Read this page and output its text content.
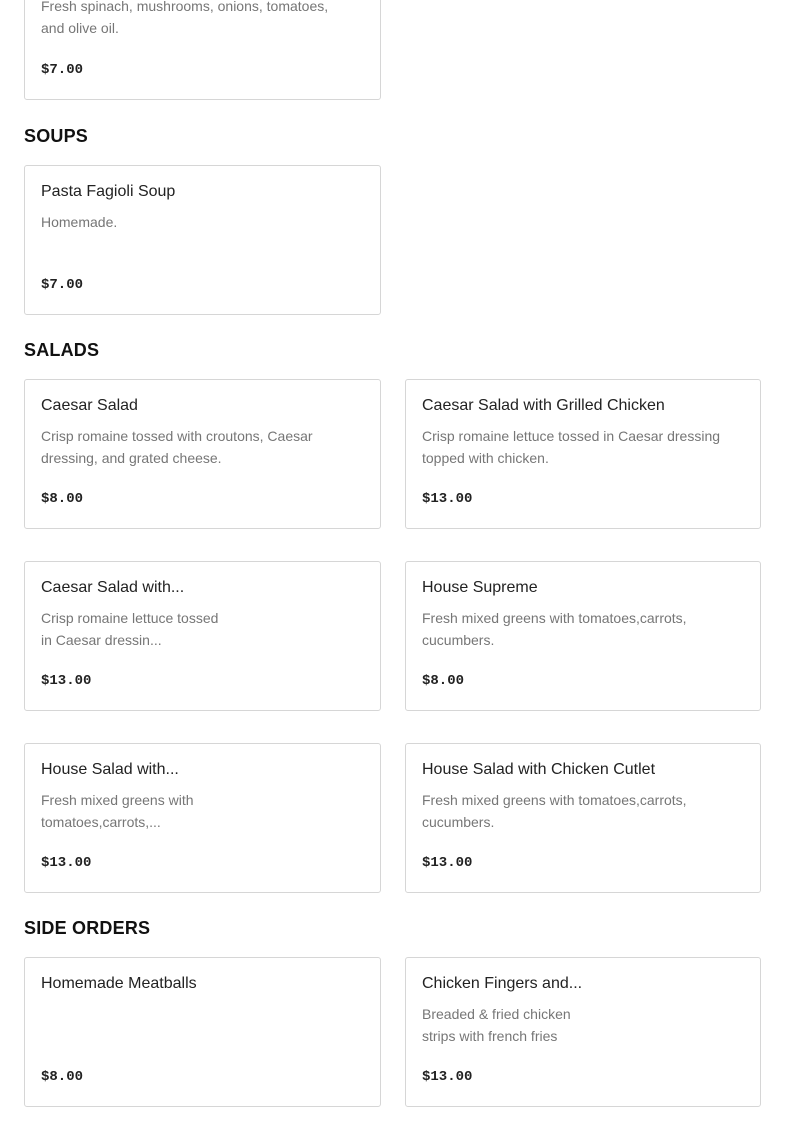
Fresh spinach, mushrooms, onions, tomatoes, and olive oil.
$7.00
SOUPS
Pasta Fagioli Soup
Homemade.
$7.00
SALADS
Caesar Salad
Crisp romaine tossed with croutons, Caesar dressing, and grated cheese.
$8.00
Caesar Salad with Grilled Chicken
Crisp romaine lettuce tossed in Caesar dressing topped with chicken.
$13.00
Caesar Salad with...
Crisp romaine lettuce tossed in Caesar dressin...
$13.00
House Supreme
Fresh mixed greens with tomatoes,carrots, cucumbers.
$8.00
House Salad with...
Fresh mixed greens with tomatoes,carrots,...
$13.00
House Salad with Chicken Cutlet
Fresh mixed greens with tomatoes,carrots, cucumbers.
$13.00
SIDE ORDERS
Homemade Meatballs
$8.00
Chicken Fingers and...
Breaded & fried chicken strips with french fries
$13.00
